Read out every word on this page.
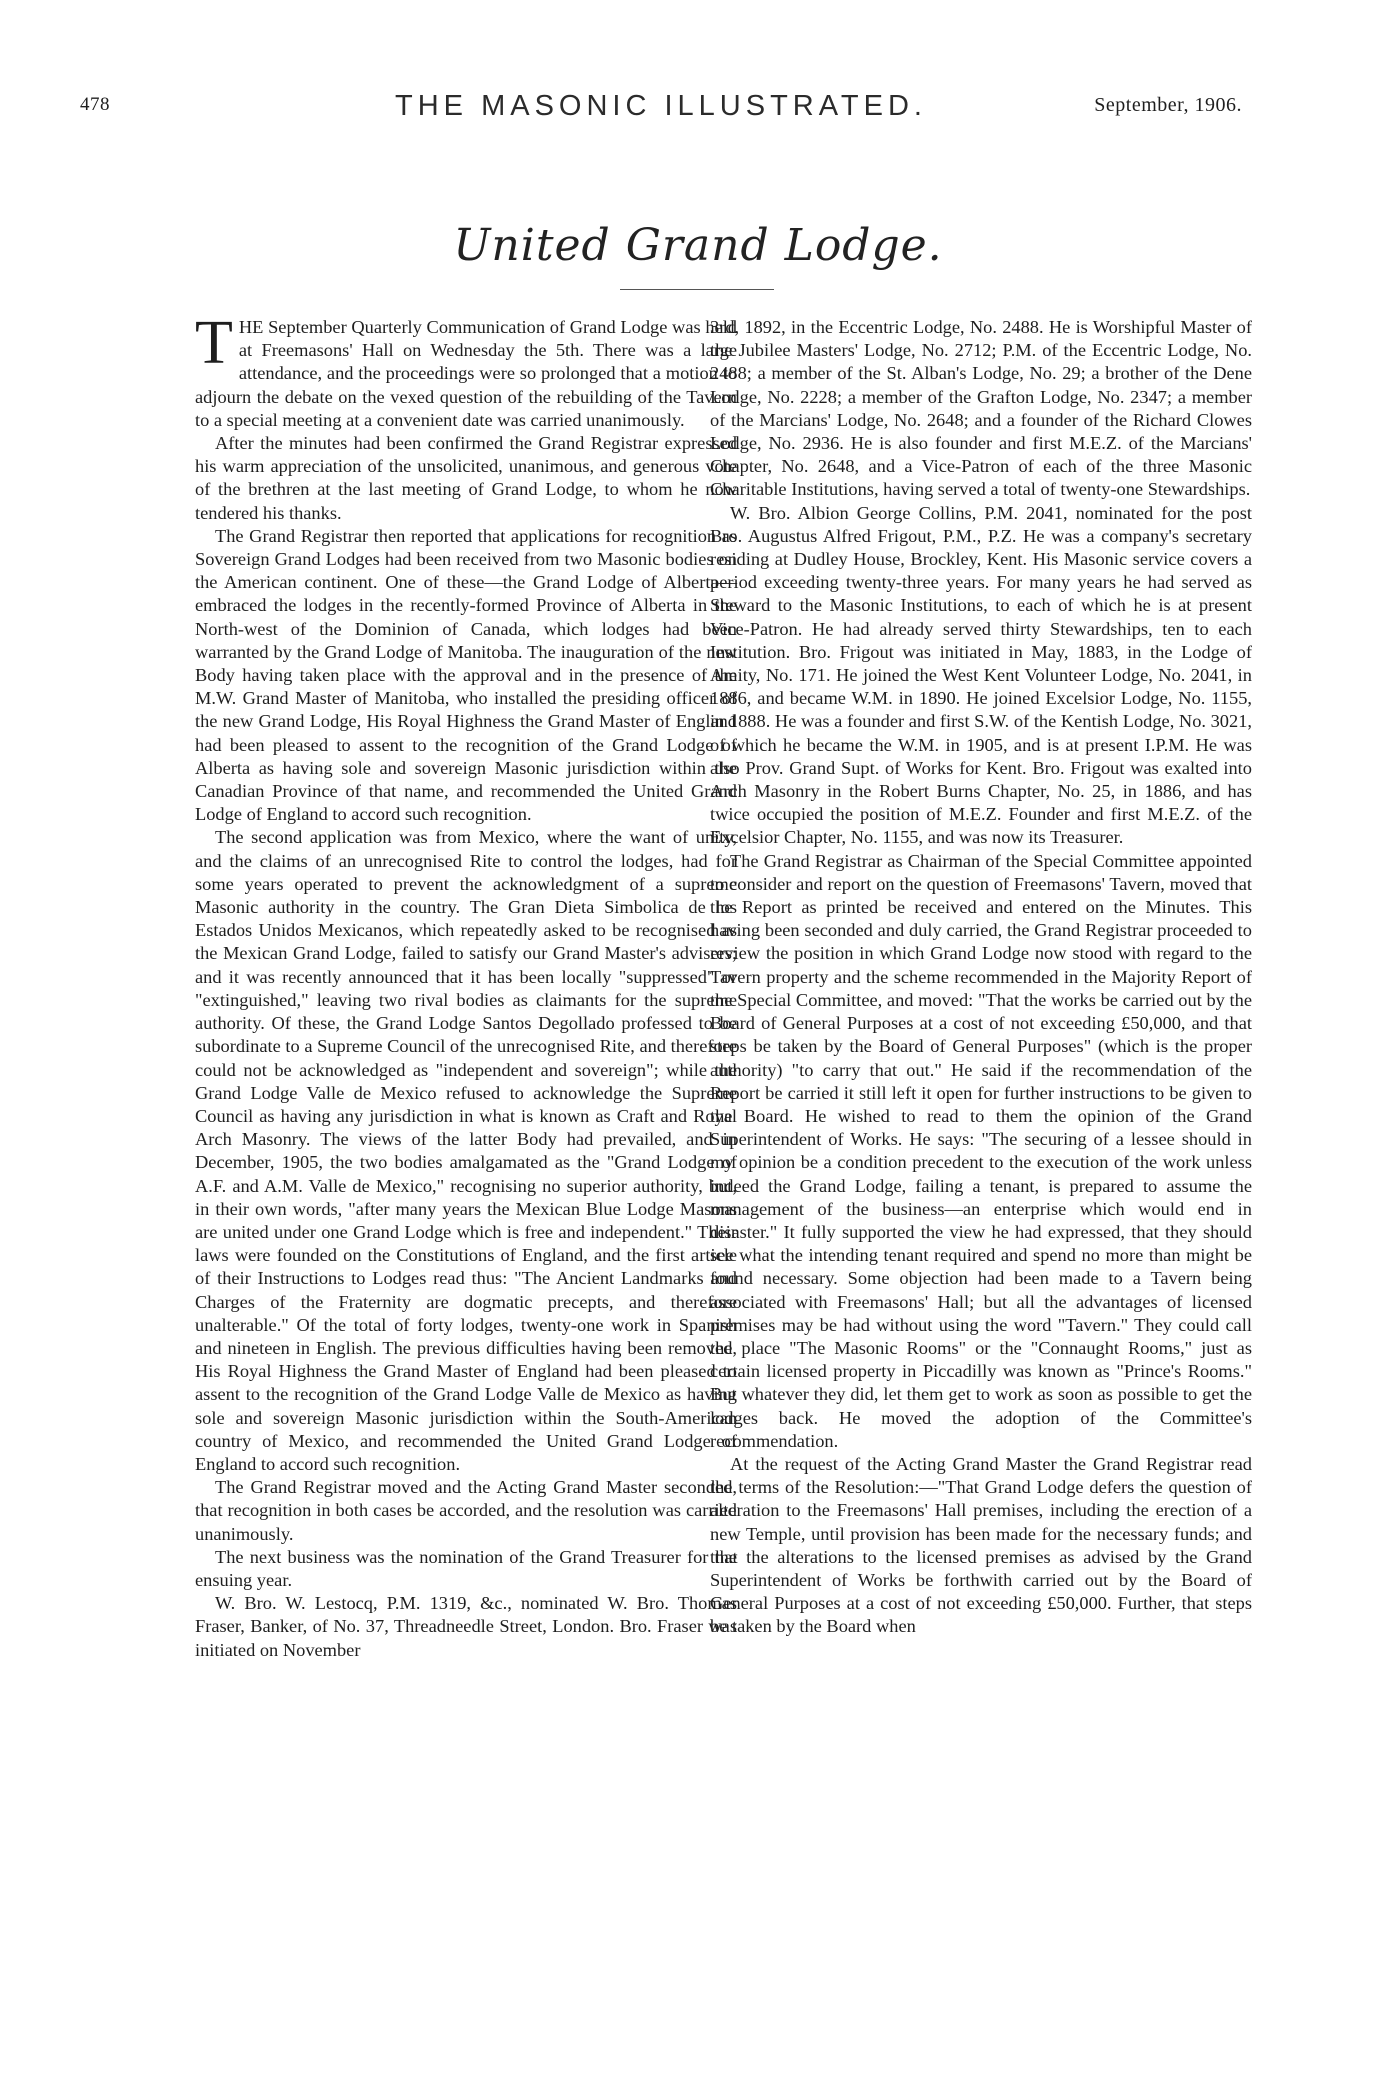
478	THE MASONIC ILLUSTRATED.	September, 1906.
United Grand Lodge.

THE September Quarterly Communication of Grand Lodge was held at Freemasons' Hall on Wednesday the 5th. There was a large attendance, and the proceedings were so prolonged that a motion to adjourn the debate on the vexed question of the rebuilding of the Tavern to a special meeting at a convenient date was carried unanimously.

After the minutes had been confirmed the Grand Registrar expressed his warm appreciation of the unsolicited, unanimous, and generous vote of the brethren at the last meeting of Grand Lodge, to whom he now tendered his thanks.

The Grand Registrar then reported that applications for recognition as Sovereign Grand Lodges had been received from two Masonic bodies on the American continent. One of these—the Grand Lodge of Alberta—embraced the lodges in the recently-formed Province of Alberta in the North-west of the Dominion of Canada, which lodges had been warranted by the Grand Lodge of Manitoba. The inauguration of the new Body having taken place with the approval and in the presence of the M.W. Grand Master of Manitoba, who installed the presiding officer of the new Grand Lodge, His Royal Highness the Grand Master of England had been pleased to assent to the recognition of the Grand Lodge of Alberta as having sole and sovereign Masonic jurisdiction within the Canadian Province of that name, and recommended the United Grand Lodge of England to accord such recognition.

The second application was from Mexico, where the want of unity, and the claims of an unrecognised Rite to control the lodges, had for some years operated to prevent the acknowledgment of a supreme Masonic authority in the country. The Gran Dieta Simbolica de los Estados Unidos Mexicanos, which repeatedly asked to be recognised as the Mexican Grand Lodge, failed to satisfy our Grand Master's advisers; and it was recently announced that it has been locally "suppressed" or "extinguished," leaving two rival bodies as claimants for the supreme authority. Of these, the Grand Lodge Santos Degollado professed to be subordinate to a Supreme Council of the unrecognised Rite, and therefore could not be acknowledged as "independent and sovereign"; while the Grand Lodge Valle de Mexico refused to acknowledge the Supreme Council as having any jurisdiction in what is known as Craft and Royal Arch Masonry. The views of the latter Body had prevailed, and in December, 1905, the two bodies amalgamated as the "Grand Lodge of A.F. and A.M. Valle de Mexico," recognising no superior authority, but, in their own words, "after many years the Mexican Blue Lodge Masons are united under one Grand Lodge which is free and independent." Their laws were founded on the Constitutions of England, and the first article of their Instructions to Lodges read thus: "The Ancient Landmarks and Charges of the Fraternity are dogmatic precepts, and therefore unalterable." Of the total of forty lodges, twenty-one work in Spanish and nineteen in English. The previous difficulties having been removed, His Royal Highness the Grand Master of England had been pleased to assent to the recognition of the Grand Lodge Valle de Mexico as having sole and sovereign Masonic jurisdiction within the South-American country of Mexico, and recommended the United Grand Lodge of England to accord such recognition.

The Grand Registrar moved and the Acting Grand Master seconded, that recognition in both cases be accorded, and the resolution was carried unanimously.

The next business was the nomination of the Grand Treasurer for the ensuing year.

W. Bro. W. Lestocq, P.M. 1319, &c., nominated W. Bro. Thomas Fraser, Banker, of No. 37, Threadneedle Street, London. Bro. Fraser was initiated on November

3rd, 1892, in the Eccentric Lodge, No. 2488. He is Worshipful Master of the Jubilee Masters' Lodge, No. 2712; P.M. of the Eccentric Lodge, No. 2488; a member of the St. Alban's Lodge, No. 29; a brother of the Dene Lodge, No. 2228; a member of the Grafton Lodge, No. 2347; a member of the Marcians' Lodge, No. 2648; and a founder of the Richard Clowes Lodge, No. 2936. He is also founder and first M.E.Z. of the Marcians' Chapter, No. 2648, and a Vice-Patron of each of the three Masonic Charitable Institutions, having served a total of twenty-one Stewardships.

W. Bro. Albion George Collins, P.M. 2041, nominated for the post Bro. Augustus Alfred Frigout, P.M., P.Z. He was a company's secretary residing at Dudley House, Brockley, Kent. His Masonic service covers a period exceeding twenty-three years. For many years he had served as Steward to the Masonic Institutions, to each of which he is at present Vice-Patron. He had already served thirty Stewardships, ten to each Institution. Bro. Frigout was initiated in May, 1883, in the Lodge of Amity, No. 171. He joined the West Kent Volunteer Lodge, No. 2041, in 1886, and became W.M. in 1890. He joined Excelsior Lodge, No. 1155, in 1888. He was a founder and first S.W. of the Kentish Lodge, No. 3021, of which he became the W.M. in 1905, and is at present I.P.M. He was also Prov. Grand Supt. of Works for Kent. Bro. Frigout was exalted into Arch Masonry in the Robert Burns Chapter, No. 25, in 1886, and has twice occupied the position of M.E.Z. Founder and first M.E.Z. of the Excelsior Chapter, No. 1155, and was now its Treasurer.

The Grand Registrar as Chairman of the Special Committee appointed to consider and report on the question of Freemasons' Tavern, moved that the Report as printed be received and entered on the Minutes. This having been seconded and duly carried, the Grand Registrar proceeded to review the position in which Grand Lodge now stood with regard to the Tavern property and the scheme recommended in the Majority Report of the Special Committee, and moved: "That the works be carried out by the Board of General Purposes at a cost of not exceeding £50,000, and that steps be taken by the Board of General Purposes" (which is the proper authority) "to carry that out." He said if the recommendation of the Report be carried it still left it open for further instructions to be given to the Board. He wished to read to them the opinion of the Grand Superintendent of Works. He says: "The securing of a lessee should in my opinion be a condition precedent to the execution of the work unless indeed the Grand Lodge, failing a tenant, is prepared to assume the management of the business—an enterprise which would end in disaster." It fully supported the view he had expressed, that they should see what the intending tenant required and spend no more than might be found necessary. Some objection had been made to a Tavern being associated with Freemasons' Hall; but all the advantages of licensed premises may be had without using the word "Tavern." They could call the place "The Masonic Rooms" or the "Connaught Rooms," just as certain licensed property in Piccadilly was known as "Prince's Rooms." But whatever they did, let them get to work as soon as possible to get the lodges back. He moved the adoption of the Committee's recommendation.

At the request of the Acting Grand Master the Grand Registrar read the terms of the Resolution:—"That Grand Lodge defers the question of alteration to the Freemasons' Hall premises, including the erection of a new Temple, until provision has been made for the necessary funds; and that the alterations to the licensed premises as advised by the Grand Superintendent of Works be forthwith carried out by the Board of General Purposes at a cost of not exceeding £50,000. Further, that steps be taken by the Board when
